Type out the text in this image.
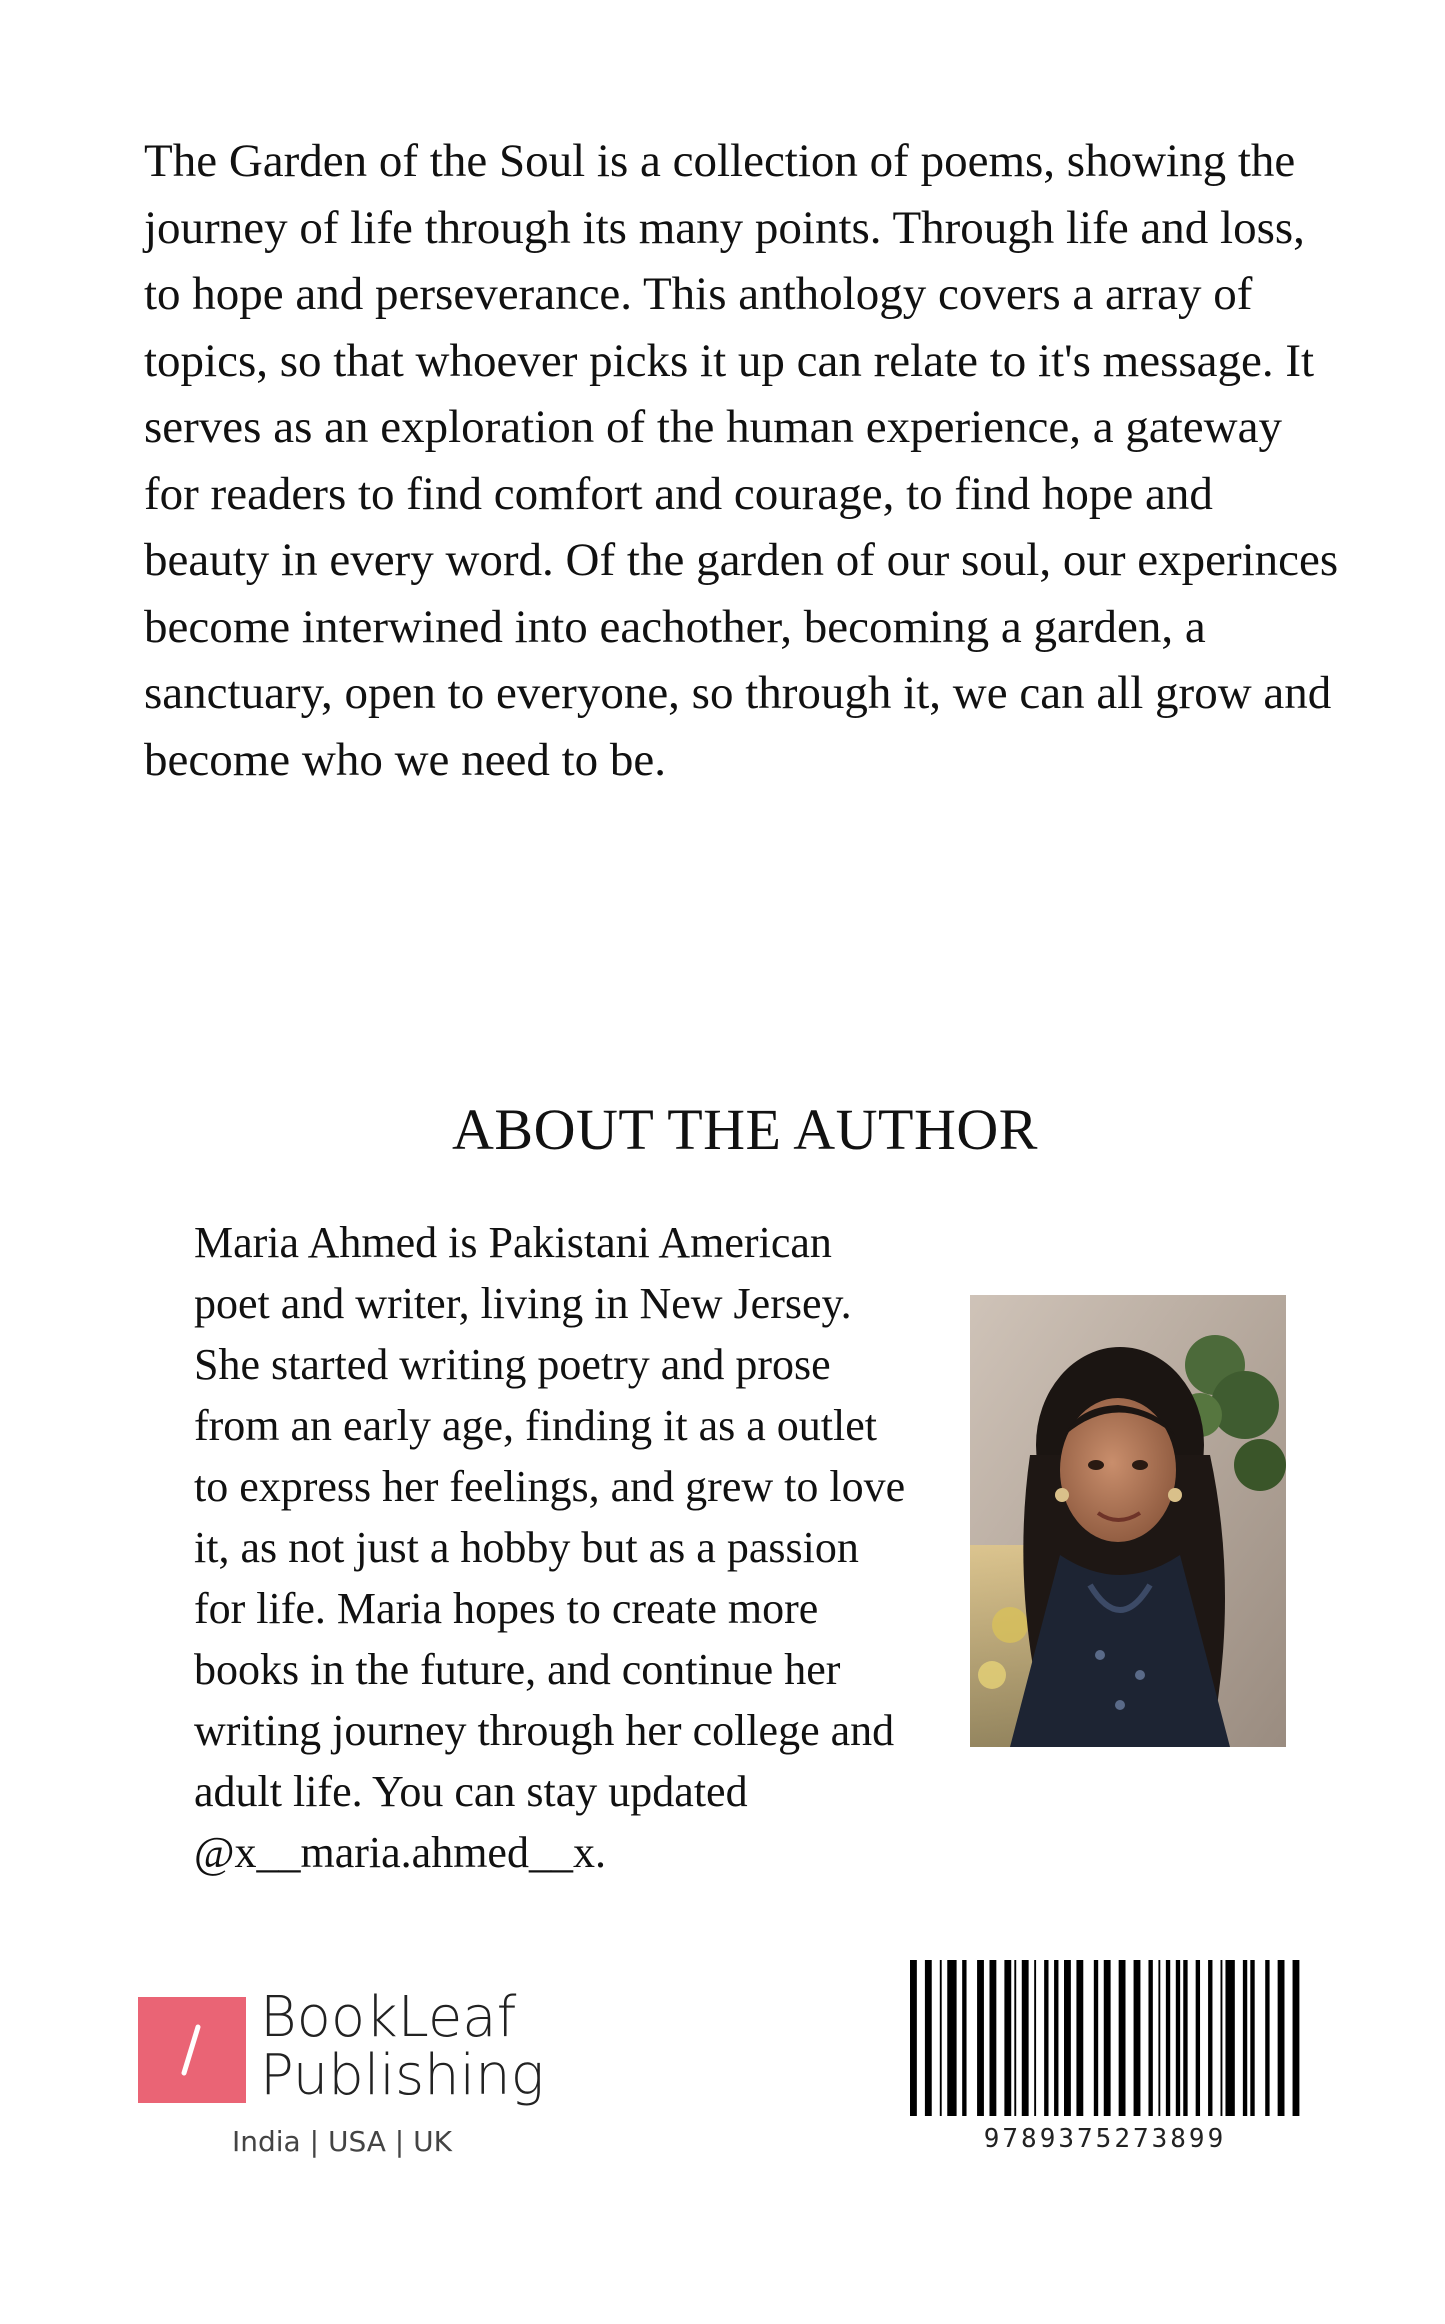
The Garden of the Soul is a collection of poems, showing the journey of life through its many points. Through life and loss, to hope and perseverance. This anthology covers a array of topics, so that whoever picks it up can relate to it's message. It serves as an exploration of the human experience, a gateway for readers to find comfort and courage, to find hope and beauty in every word. Of the garden of our soul, our experinces become interwined into eachother, becoming a garden, a sanctuary, open to everyone, so through it, we can all grow and become who we need to be.

ABOUT THE AUTHOR

Maria Ahmed is Pakistani American poet and writer, living in New Jersey. She started writing poetry and prose from an early age, finding it as a outlet to express her feelings, and grew to love it, as not just a hobby but as a passion for life. Maria hopes to create more books in the future, and continue her writing journey through her college and adult life. You can stay updated @x__maria.ahmed__x.

BookLeaf
Publishing
India | USA | UK	9789375273899
